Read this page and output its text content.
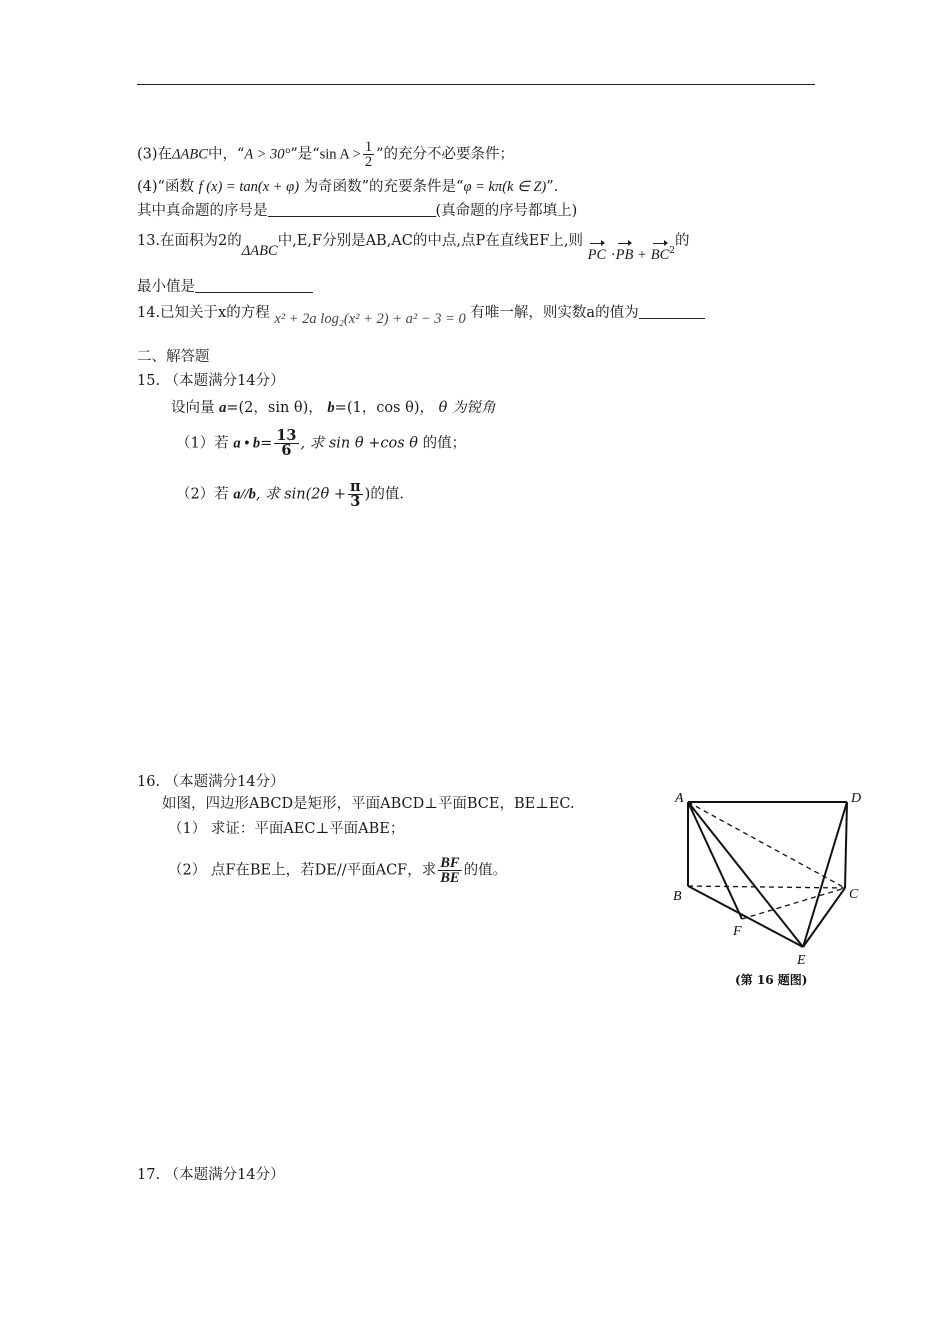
(3)在ΔABC中，“A > 30°”是“sin $A > \frac{1}{2}$ ”的充分不必要条件；
(4)“函数 f (x) = tan(x + φ) 为奇函数”的充要条件是“φ = kπ(k ∈ Z)”.
其中真命题的序号是	(真命题的序号都填上)
13.在面积为2的ΔABC中,E,F分别是AB,AC的中点,点P在直线EF上,则 PC $\cdot PB + BC^2$的
最小值是
14.已知关于x的方程 x² + 2a log₂(x² + 2) + a² − 3 = 0 有唯一解，则实数a的值为
二、解答题
15. （本题满分14分）
设向量 a=(2，sin θ)， b=(1，cos θ)， θ 为锐角
（1）若 a • $b= \frac{13}{6}$ , 求 sin θ +cos θ 的值；
（2）若 a//b, 求 $\sin(2\theta + \frac{\pi}{3}$ )的值.
16. （本题满分14分）
如图，四边形ABCD是矩形，平面ABCD⊥平面BCE，BE⊥EC.
（1） 求证：平面AEC⊥平面ABE；
（2） 点F在BE上，若DE//平面ACF，求 $\frac{BF}{BE}$ 的值。
A	D
B	C
F
E
(第 16 题图)
17. （本题满分14分）
